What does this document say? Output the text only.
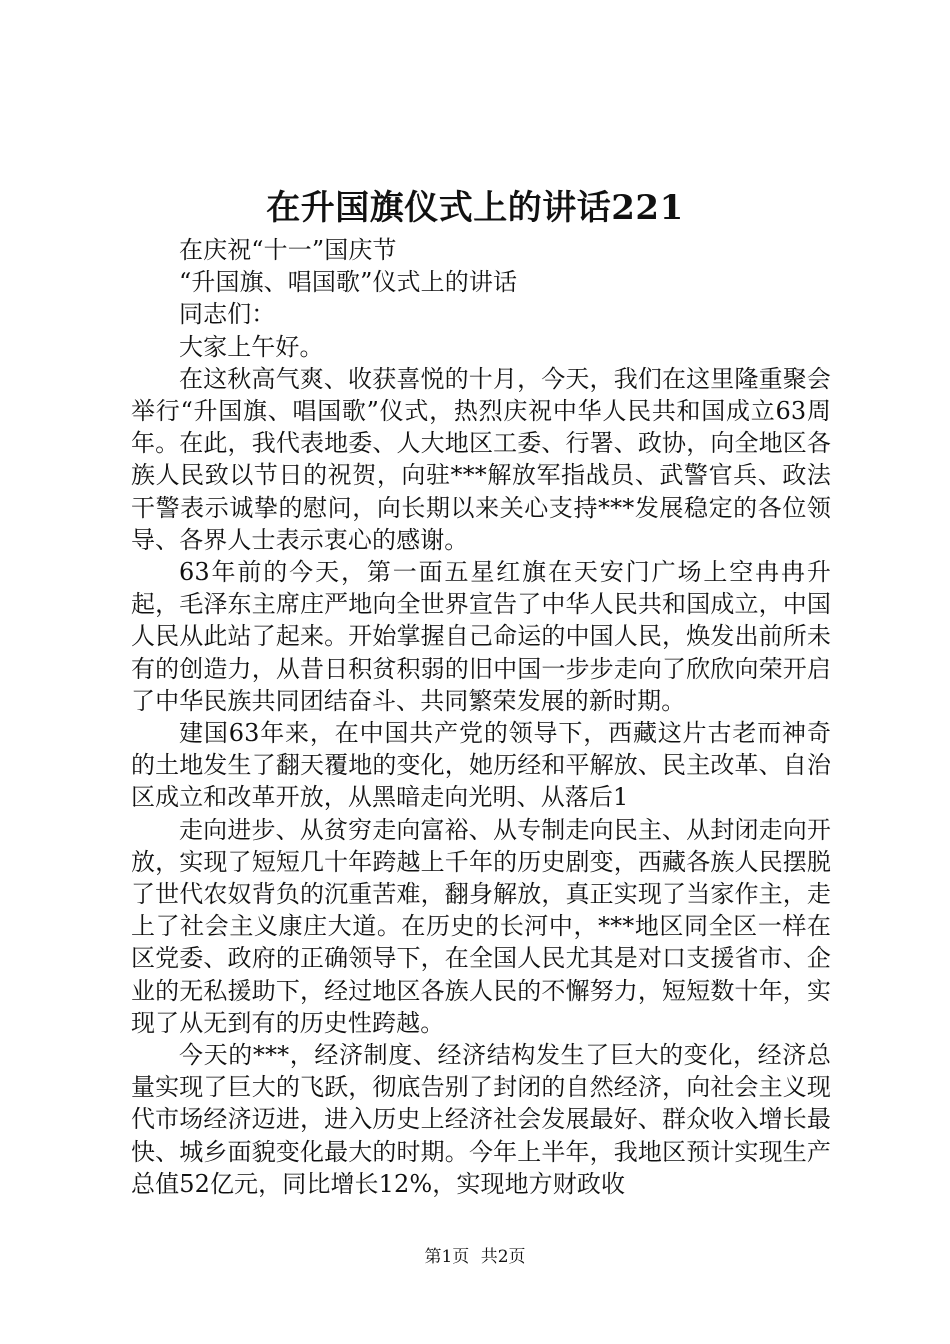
在升国旗仪式上的讲话221

在庆祝“十一”国庆节

“升国旗、唱国歌”仪式上的讲话

同志们：

大家上午好。

在这秋高气爽、收获喜悦的十月，今天，我们在这里隆重聚会举行“升国旗、唱国歌”仪式，热烈庆祝中华人民共和国成立63周年。在此，我代表地委、人大地区工委、行署、政协，向全地区各族人民致以节日的祝贺，向驻***解放军指战员、武警官兵、政法干警表示诚挚的慰问，向长期以来关心支持***发展稳定的各位领导、各界人士表示衷心的感谢。

63年前的今天，第一面五星红旗在天安门广场上空冉冉升起，毛泽东主席庄严地向全世界宣告了中华人民共和国成立，中国人民从此站了起来。开始掌握自己命运的中国人民，焕发出前所未有的创造力，从昔日积贫积弱的旧中国一步步走向了欣欣向荣开启了中华民族共同团结奋斗、共同繁荣发展的新时期。

建国63年来，在中国共产党的领导下，西藏这片古老而神奇的土地发生了翻天覆地的变化，她历经和平解放、民主改革、自治区成立和改革开放，从黑暗走向光明、从落后1

走向进步、从贫穷走向富裕、从专制走向民主、从封闭走向开放，实现了短短几十年跨越上千年的历史剧变，西藏各族人民摆脱了世代农奴背负的沉重苦难，翻身解放，真正实现了当家作主，走上了社会主义康庄大道。在历史的长河中，***地区同全区一样在区党委、政府的正确领导下，在全国人民尤其是对口支援省市、企业的无私援助下，经过地区各族人民的不懈努力，短短数十年，实现了从无到有的历史性跨越。

今天的***，经济制度、经济结构发生了巨大的变化，经济总量实现了巨大的飞跃，彻底告别了封闭的自然经济，向社会主义现代市场经济迈进，进入历史上经济社会发展最好、群众收入增长最快、城乡面貌变化最大的时期。今年上半年，我地区预计实现生产总值52亿元，同比增长12%，实现地方财政收

第1页 共2页
